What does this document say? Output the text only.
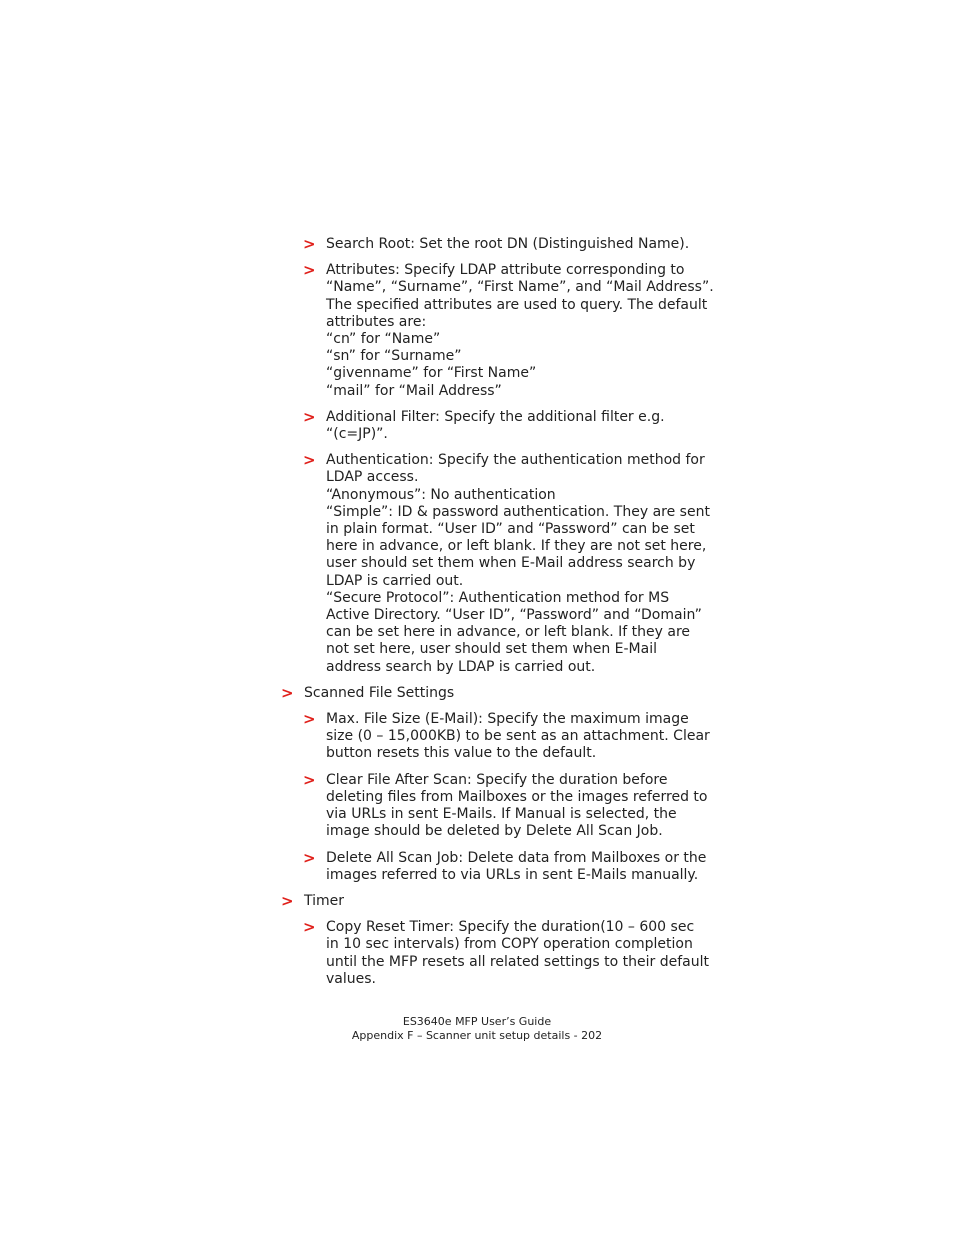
> Search Root: Set the root DN (Distinguished Name).
> Attributes: Specify LDAP attribute corresponding to
“Name”, “Surname”, “First Name”, and “Mail Address”.
The specified attributes are used to query. The default
attributes are:
“cn” for “Name”
“sn” for “Surname”
“givenname” for “First Name”
“mail” for “Mail Address”
> Additional Filter: Specify the additional filter e.g.
“(c=JP)”.
> Authentication: Specify the authentication method for
LDAP access.
“Anonymous”: No authentication
“Simple”: ID & password authentication. They are sent
in plain format. “User ID” and “Password” can be set
here in advance, or left blank. If they are not set here,
user should set them when E-Mail address search by
LDAP is carried out.
“Secure Protocol”: Authentication method for MS
Active Directory. “User ID”, “Password” and “Domain”
can be set here in advance, or left blank. If they are
not set here, user should set them when E-Mail
address search by LDAP is carried out.
> Scanned File Settings
> Max. File Size (E-Mail): Specify the maximum image
size (0 – 15,000KB) to be sent as an attachment. Clear
button resets this value to the default.
> Clear File After Scan: Specify the duration before
deleting files from Mailboxes or the images referred to
via URLs in sent E-Mails. If Manual is selected, the
image should be deleted by Delete All Scan Job.
> Delete All Scan Job: Delete data from Mailboxes or the
images referred to via URLs in sent E-Mails manually.
> Timer
> Copy Reset Timer: Specify the duration(10 – 600 sec
in 10 sec intervals) from COPY operation completion
until the MFP resets all related settings to their default
values.
ES3640e MFP User’s Guide
Appendix F – Scanner unit setup details - 202
